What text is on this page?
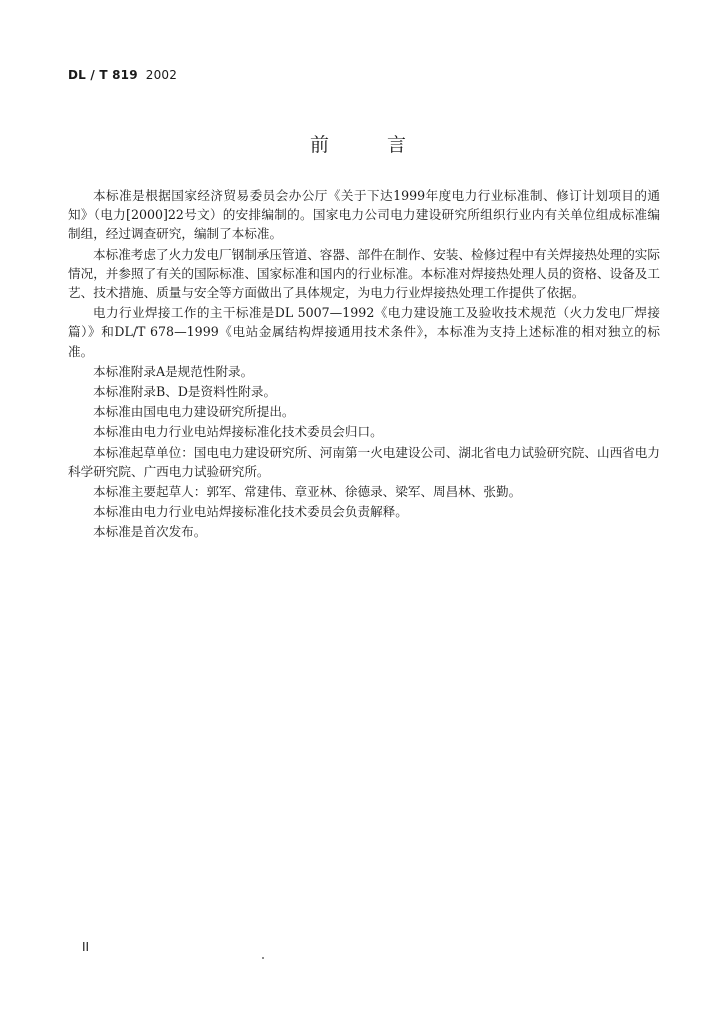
DL / T 819 2002
前言

本标准是根据国家经济贸易委员会办公厅《关于下达1999年度电力行业标准制、修订计划项目的通知》（电力[2000]22号文）的安排编制的。国家电力公司电力建设研究所组织行业内有关单位组成标准编制组，经过调查研究，编制了本标准。

本标准考虑了火力发电厂钢制承压管道、容器、部件在制作、安装、检修过程中有关焊接热处理的实际情况，并参照了有关的国际标准、国家标准和国内的行业标准。本标准对焊接热处理人员的资格、设备及工艺、技术措施、质量与安全等方面做出了具体规定，为电力行业焊接热处理工作提供了依据。

电力行业焊接工作的主干标准是DL 5007—1992《电力建设施工及验收技术规范（火力发电厂焊接篇）》和DL/T 678—1999《电站金属结构焊接通用技术条件》，本标准为支持上述标准的相对独立的标准。

本标准附录A是规范性附录。

本标准附录B、D是资料性附录。

本标准由国电电力建设研究所提出。

本标准由电力行业电站焊接标准化技术委员会归口。

本标准起草单位：国电电力建设研究所、河南第一火电建设公司、湖北省电力试验研究院、山西省电力科学研究院、广西电力试验研究所。

本标准主要起草人：郭军、常建伟、章亚林、徐德录、梁军、周昌林、张勤。

本标准由电力行业电站焊接标准化技术委员会负责解释。

本标准是首次发布。

II
